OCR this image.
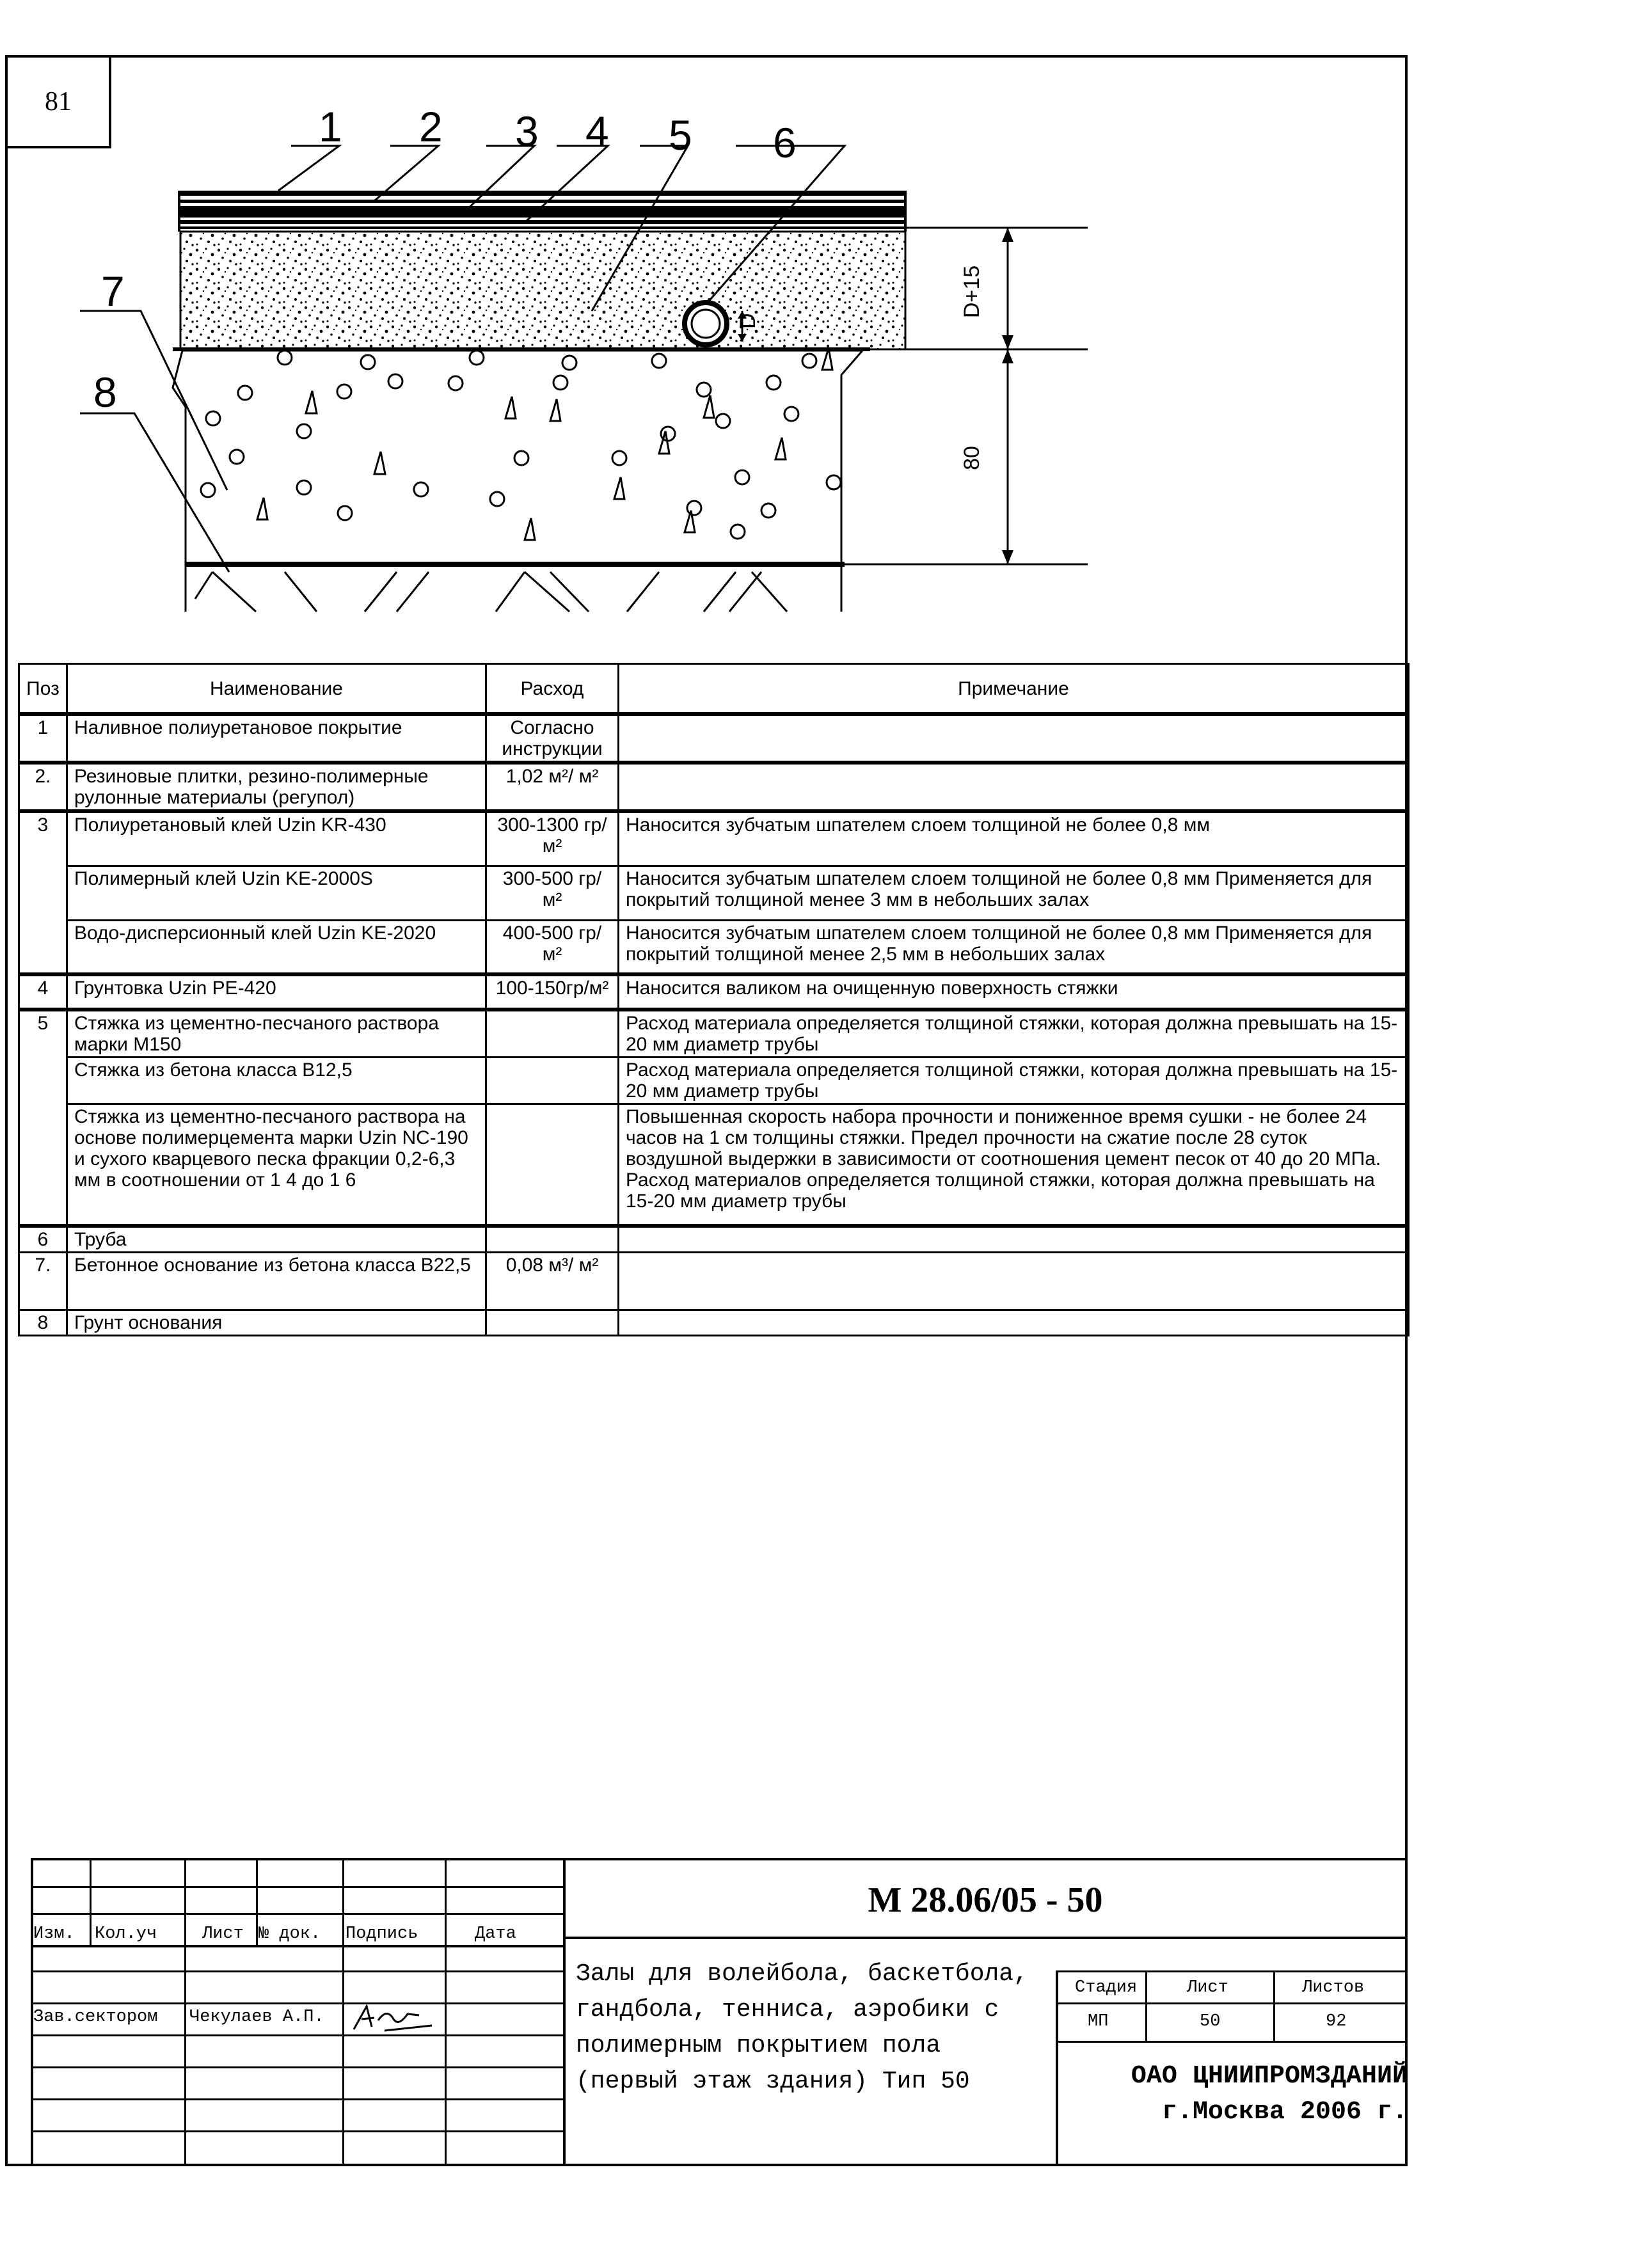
81
D
D+15
80
1 2 3 4 5 6
7
8
Поз	Наименование	Расход	Примечание
1	Наливное полиуретановое покрытие	Согласно инструкции	
2.	Резиновые плитки, резино-полимерные рулонные материалы (регупол)	1,02 м²/ м²	
3	Полиуретановый клей Uzin KR-430	300-1300 гр/м²	Наносится зубчатым шпателем слоем толщиной не более 0,8 мм
	Полимерный клей Uzin KE-2000S	300-500 гр/м²	Наносится зубчатым шпателем слоем толщиной не более 0,8 мм Применяется для покрытий толщиной менее 3 мм в небольших залах
	Водо-дисперсионный клей Uzin KE-2020	400-500 гр/м²	Наносится зубчатым шпателем слоем толщиной не более 0,8 мм Применяется для покрытий толщиной менее 2,5 мм в небольших залах
4	Грунтовка Uzin PE-420	100-150гр/м²	Наносится валиком на очищенную поверхность стяжки
5	Стяжка из цементно-песчаного раствора марки М150		Расход материала определяется толщиной стяжки, которая должна превышать на 15-20 мм диаметр трубы
	Стяжка из бетона класса В12,5		Расход материала определяется толщиной стяжки, которая должна превышать на 15-20 мм диаметр трубы
	Стяжка из цементно-песчаного раствора на основе полимерцемента марки Uzin NC-190 и сухого кварцевого песка фракции 0,2-6,3 мм в соотношении от 1 4 до 1 6		Повышенная скорость набора прочности и пониженное время сушки - не более 24 часов на 1 см толщины стяжки. Предел прочности на сжатие после 28 суток воздушной выдержки в зависимости от соотношения цемент песок от 40 до 20 МПа. Расход материалов определяется толщиной стяжки, которая должна превышать на 15-20 мм диаметр трубы
6	Труба		
7.	Бетонное основание из бетона класса В22,5	0,08 м³/ м²	
8	Грунт основания		
Изм. Кол.уч	Лист № док. Подпись	Дата
Зав.сектором Чекулаев А.П.
М 28.06/05 - 50
Залы для волейбола, баскетбола, гандбола, тенниса, аэробики с полимерным покрытием пола (первый этаж здания) Тип 50
Стадия	Лист	Листов
МП	50	92
ОАО ЦНИИПРОМЗДАНИЙ
г.Москва 2006 г.
